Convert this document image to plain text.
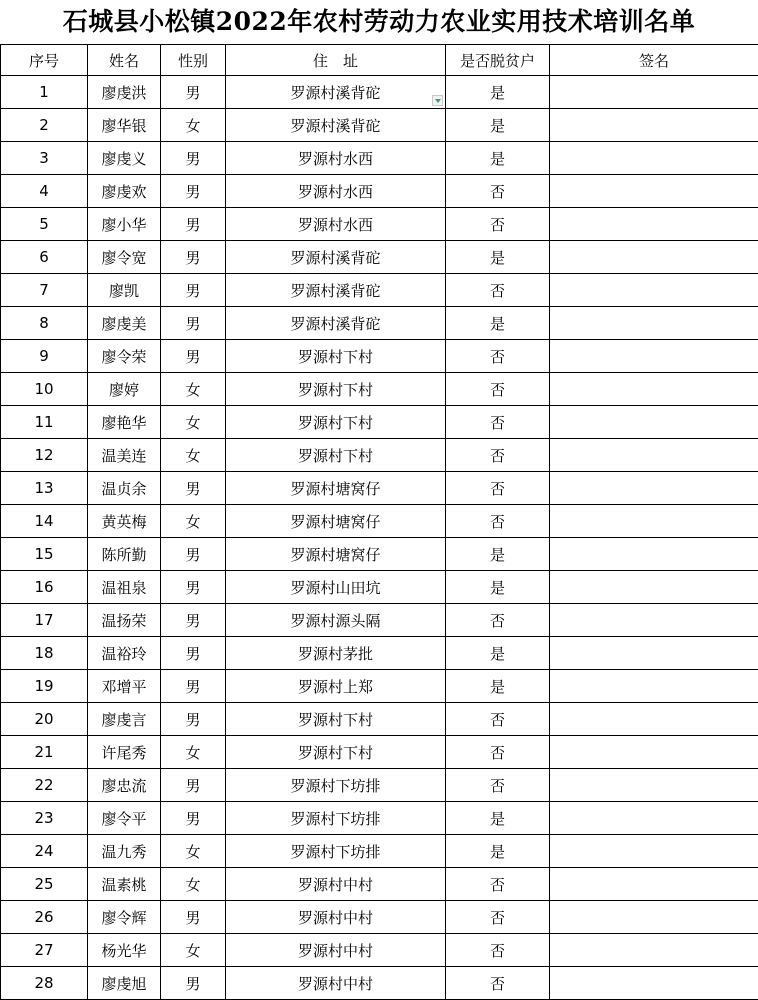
石城县小松镇2022年农村劳动力农业实用技术培训名单
序号	姓名	性别	住　址	是否脱贫户	签名
1	廖虔洪	男	罗源村溪背砣	是	
2	廖华银	女	罗源村溪背砣	是	
3	廖虔义	男	罗源村水西	是	
4	廖虔欢	男	罗源村水西	否	
5	廖小华	男	罗源村水西	否	
6	廖令宽	男	罗源村溪背砣	是	
7	廖凯	男	罗源村溪背砣	否	
8	廖虔美	男	罗源村溪背砣	是	
9	廖令荣	男	罗源村下村	否	
10	廖婷	女	罗源村下村	否	
11	廖艳华	女	罗源村下村	否	
12	温美连	女	罗源村下村	否	
13	温贞余	男	罗源村塘窝仔	否	
14	黄英梅	女	罗源村塘窝仔	否	
15	陈所勤	男	罗源村塘窝仔	是	
16	温祖泉	男	罗源村山田坑	是	
17	温扬荣	男	罗源村源头隔	否	
18	温裕玲	男	罗源村茅批	是	
19	邓增平	男	罗源村上郑	是	
20	廖虔言	男	罗源村下村	否	
21	许尾秀	女	罗源村下村	否	
22	廖忠流	男	罗源村下坊排	否	
23	廖令平	男	罗源村下坊排	是	
24	温九秀	女	罗源村下坊排	是	
25	温素桃	女	罗源村中村	否	
26	廖令辉	男	罗源村中村	否	
27	杨光华	女	罗源村中村	否	
28	廖虔旭	男	罗源村中村	否	
